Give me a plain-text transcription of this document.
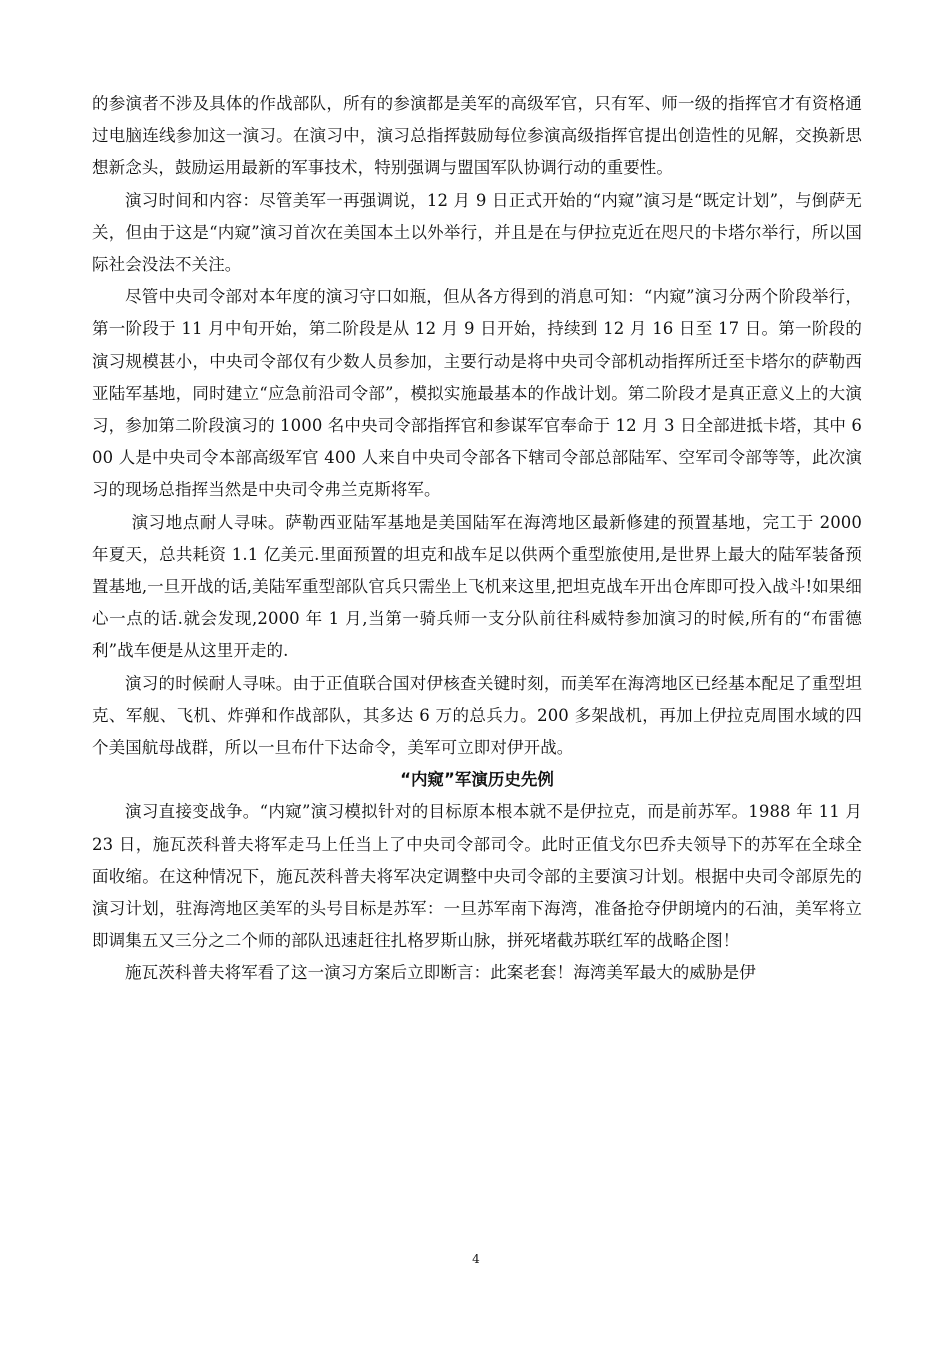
的参演者不涉及具体的作战部队，所有的参演都是美军的高级军官，只有军、师一级的指挥官才有资格通过电脑连线参加这一演习。在演习中，演习总指挥鼓励每位参演高级指挥官提出创造性的见解，交换新思想新念头，鼓励运用最新的军事技术，特别强调与盟国军队协调行动的重要性。

演习时间和内容：尽管美军一再强调说，12 月 9 日正式开始的“内窥”演习是“既定计划”，与倒萨无关，但由于这是“内窥”演习首次在美国本土以外举行，并且是在与伊拉克近在咫尺的卡塔尔举行，所以国际社会没法不关注。

尽管中央司令部对本年度的演习守口如瓶，但从各方得到的消息可知：“内窥”演习分两个阶段举行，第一阶段于 11 月中旬开始，第二阶段是从 12 月 9 日开始，持续到 12 月 16 日至 17 日。第一阶段的演习规模甚小，中央司令部仅有少数人员参加，主要行动是将中央司令部机动指挥所迁至卡塔尔的萨勒西亚陆军基地，同时建立“应急前沿司令部”，模拟实施最基本的作战计划。第二阶段才是真正意义上的大演习，参加第二阶段演习的 1000 名中央司令部指挥官和参谋军官奉命于 12 月 3 日全部进抵卡塔，其中 600 人是中央司令本部高级军官 400 人来自中央司令部各下辖司令部总部陆军、空军司令部等等，此次演习的现场总指挥当然是中央司令弗兰克斯将军。

演习地点耐人寻味。萨勒西亚陆军基地是美国陆军在海湾地区最新修建的预置基地，完工于 2000 年夏天，总共耗资 1.1 亿美元.里面预置的坦克和战车足以供两个重型旅使用,是世界上最大的陆军装备预置基地,一旦开战的话,美陆军重型部队官兵只需坐上飞机来这里,把坦克战车开出仓库即可投入战斗!如果细心一点的话.就会发现,2000 年 1 月,当第一骑兵师一支分队前往科威特参加演习的时候,所有的“布雷德利”战车便是从这里开走的.

演习的时候耐人寻味。由于正值联合国对伊核查关键时刻，而美军在海湾地区已经基本配足了重型坦克、军舰、飞机、炸弹和作战部队，其多达 6 万的总兵力。200 多架战机，再加上伊拉克周围水域的四个美国航母战群，所以一旦布什下达命令，美军可立即对伊开战。

“内窥”军演历史先例

演习直接变战争。“内窥”演习模拟针对的目标原本根本就不是伊拉克，而是前苏军。1988 年 11 月 23 日，施瓦茨科普夫将军走马上任当上了中央司令部司令。此时正值戈尔巴乔夫领导下的苏军在全球全面收缩。在这种情况下，施瓦茨科普夫将军决定调整中央司令部的主要演习计划。根据中央司令部原先的演习计划，驻海湾地区美军的头号目标是苏军：一旦苏军南下海湾，准备抢夺伊朗境内的石油，美军将立即调集五又三分之二个师的部队迅速赶往扎格罗斯山脉，拼死堵截苏联红军的战略企图！

施瓦茨科普夫将军看了这一演习方案后立即断言：此案老套！海湾美军最大的威胁是伊

4
